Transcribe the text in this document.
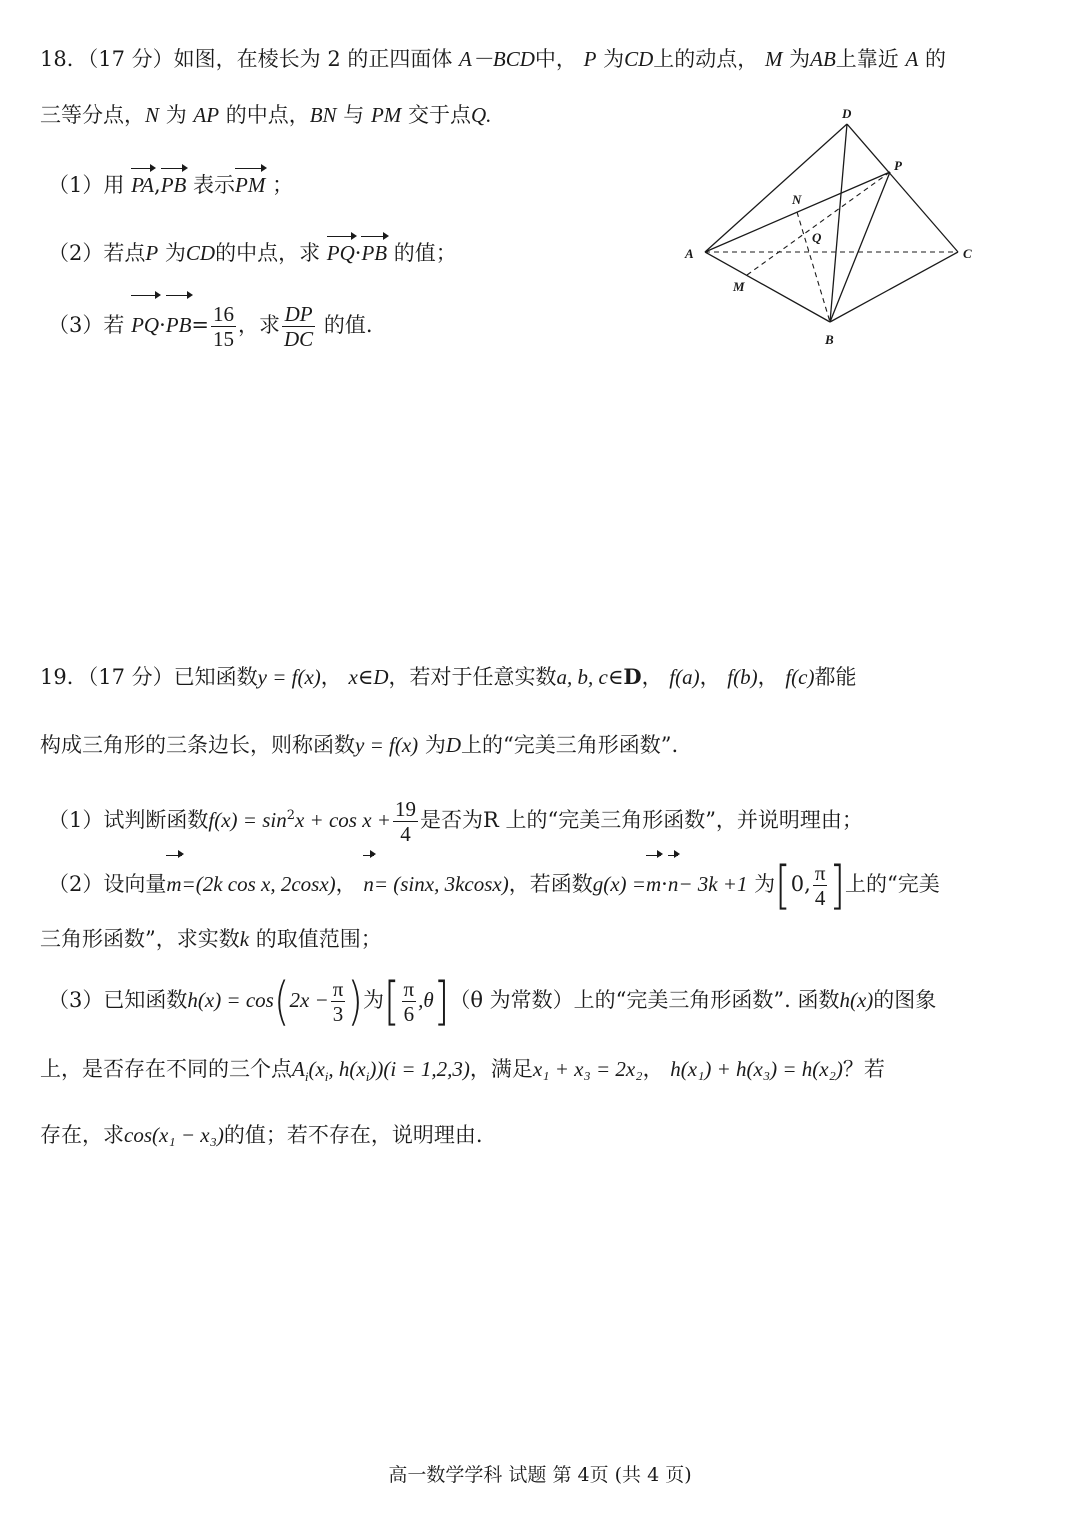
18．（17 分）如图，在棱长为 2 的正四面体 A－BCD中， P 为CD上的动点， M 为AB上靠近 A 的
三等分点，N 为 AP 的中点，BN 与 PM 交于点Q.
（1）用 PA,PB 表示PM ；
（2）若点P 为CD的中点，求 PQ·PB 的值；
（3）若 $PQ\cdot PB= \frac{16}{15}$ ，求 $\frac{DP}{DC}$ 的值.
D
P
N
Q
A	C
M
B
19．（17 分）已知函数y = f(x)， x∈D，若对于任意实数a, b, c∈D， f(a)， f(b)， f(c)都能
构成三角形的三条边长，则称函数y = f(x) 为D上的“完美三角形函数”.
（1）试判断函数$f(x) = \sin^2x + \cos x + \frac{19}{4}$ 是否为R 上的“完美三角形函数”，并说明理由；
（2）设向量m=(2k cos x, 2cosx)， n= (sinx, 3kcosx)，若函数g(x) =m·n− 3k +1 为[0, $\frac{\pi}{4}$ ]上的“完美
三角形函数”，求实数k 的取值范围；
（3）已知函数$h(x) = \cos(2x - \frac{\pi}{3}$ )为[ $\frac{\pi}{6} ,\theta](\theta$ 为常数）上的“完美三角形函数”. 函数h(x)的图象
上，是否存在不同的三个点$A_i(x_i$, $h(x_i))(i = 1,2,3)$，满足x₁ + x₃ = 2x₂， h(x₁) + h(x₃) = h(x₂)？若
存在，求cos(x₁ − x₃)的值；若不存在，说明理由.
高一数学学科 试题 第 4页 (共 4 页)
